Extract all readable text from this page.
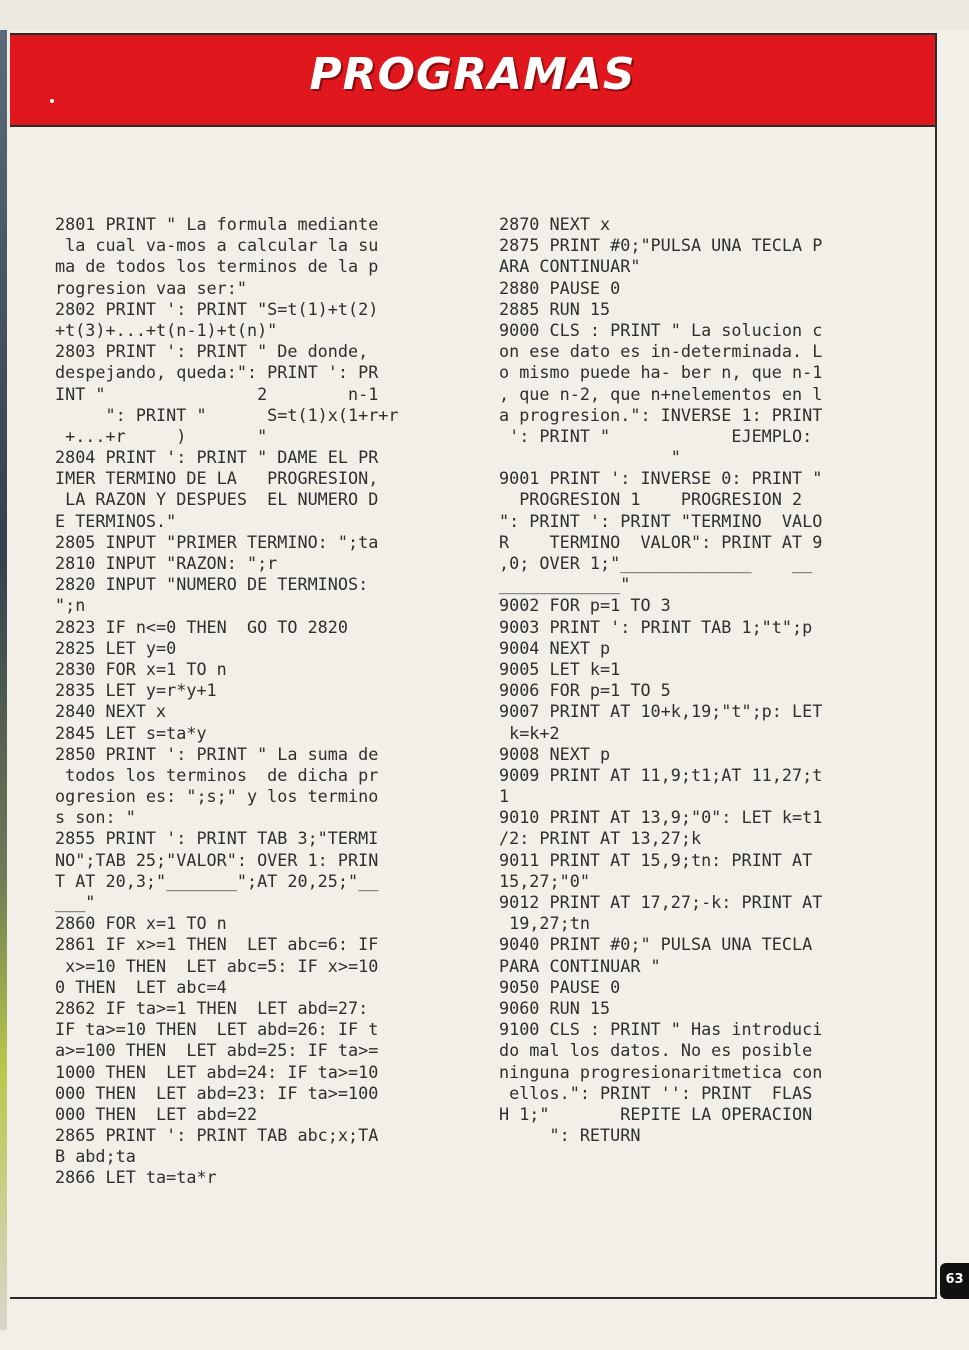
PROGRAMAS
2801 PRINT " La formula mediante
la cual va-mos a calcular la su
ma de todos los terminos de la p
rogresion vaa ser:"
2802 PRINT ': PRINT "S=t(1)+t(2)
+t(3)+...+t(n-1)+t(n)"
2803 PRINT ': PRINT " De donde,
despejando, queda:": PRINT ': PR
INT "               2        n-1
": PRINT "      S=t(1)x(1+r+r
+...+r     )       "
2804 PRINT ': PRINT " DAME EL PR
IMER TERMINO DE LA   PROGRESION,
LA RAZON Y DESPUES  EL NUMERO D
E TERMINOS."
2805 INPUT "PRIMER TERMINO: ";ta
2810 INPUT "RAZON: ";r
2820 INPUT "NUMERO DE TERMINOS:
";n
2823 IF n<=0 THEN  GO TO 2820
2825 LET y=0
2830 FOR x=1 TO n
2835 LET y=r*y+1
2840 NEXT x
2845 LET s=ta*y
2850 PRINT ': PRINT " La suma de
todos los terminos  de dicha pr
ogresion es: ";s;" y los termino
s son: "
2855 PRINT ': PRINT TAB 3;"TERMI
NO";TAB 25;"VALOR": OVER 1: PRIN
T AT 20,3;"_______";AT 20,25;"__
___"
2860 FOR x=1 TO n
2861 IF x>=1 THEN  LET abc=6: IF
x>=10 THEN  LET abc=5: IF x>=10
0 THEN  LET abc=4
2862 IF ta>=1 THEN  LET abd=27:
IF ta>=10 THEN  LET abd=26: IF t
a>=100 THEN  LET abd=25: IF ta>=
1000 THEN  LET abd=24: IF ta>=10
000 THEN  LET abd=23: IF ta>=100
000 THEN  LET abd=22
2865 PRINT ': PRINT TAB abc;x;TA
B abd;ta
2866 LET ta=ta*r
2870 NEXT x
2875 PRINT #0;"PULSA UNA TECLA P
ARA CONTINUAR"
2880 PAUSE 0
2885 RUN 15
9000 CLS : PRINT " La solucion c
on ese dato es in-determinada. L
o mismo puede ha- ber n, que n-1
, que n-2, que n+nelementos en l
a progresion.": INVERSE 1: PRINT
': PRINT "            EJEMPLO:
"
9001 PRINT ': INVERSE 0: PRINT "
PROGRESION 1    PROGRESION 2
": PRINT ': PRINT "TERMINO  VALO
R    TERMINO  VALOR": PRINT AT 9
,0; OVER 1;"_____________    __
____________"
9002 FOR p=1 TO 3
9003 PRINT ': PRINT TAB 1;"t";p
9004 NEXT p
9005 LET k=1
9006 FOR p=1 TO 5
9007 PRINT AT 10+k,19;"t";p: LET
k=k+2
9008 NEXT p
9009 PRINT AT 11,9;t1;AT 11,27;t
1
9010 PRINT AT 13,9;"0": LET k=t1
/2: PRINT AT 13,27;k
9011 PRINT AT 15,9;tn: PRINT AT
15,27;"0"
9012 PRINT AT 17,27;-k: PRINT AT
19,27;tn
9040 PRINT #0;" PULSA UNA TECLA
PARA CONTINUAR "
9050 PAUSE 0
9060 RUN 15
9100 CLS : PRINT " Has introduci
do mal los datos. No es posible
ninguna progresionaritmetica con
ellos.": PRINT '': PRINT  FLAS
H 1;"       REPITE LA OPERACION
": RETURN
63
